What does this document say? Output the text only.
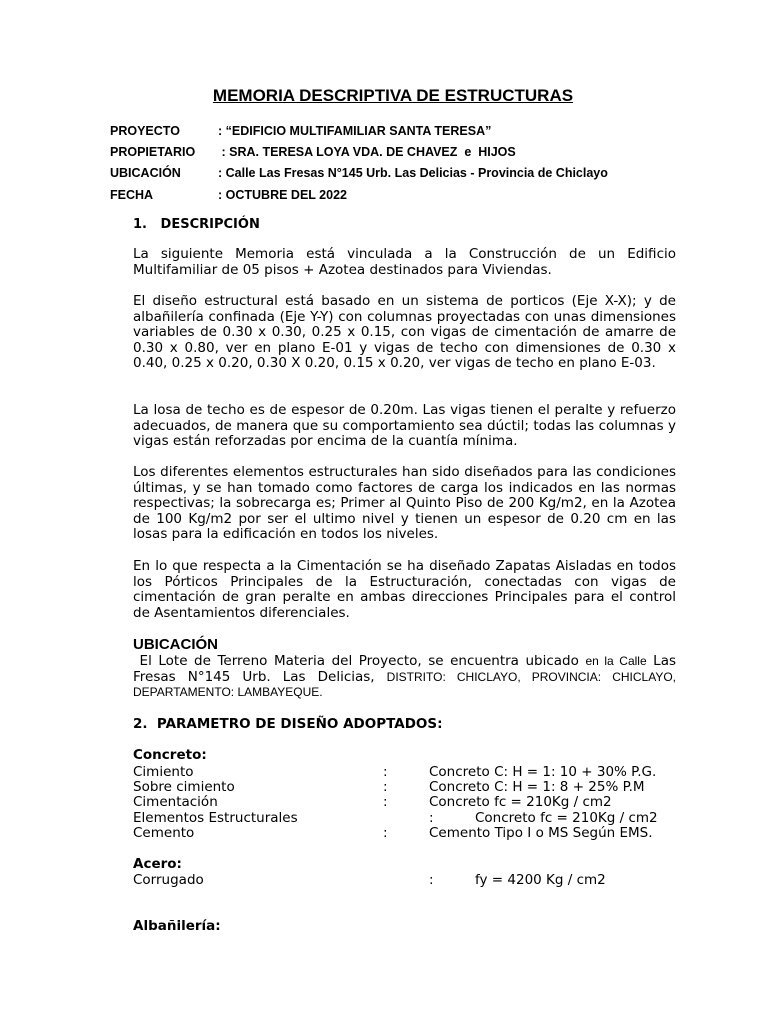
MEMORIA DESCRIPTIVA DE ESTRUCTURAS
PROYECTO	: “EDIFICIO MULTIFAMILIAR SANTA TERESA”
PROPIETARIO : SRA. TERESA LOYA VDA. DE CHAVEZ  e  HIJOS
UBICACIÓN	: Calle Las Fresas N°145 Urb. Las Delicias - Provincia de Chiclayo
FECHA	: OCTUBRE DEL 2022
1.   DESCRIPCIÓN
La siguiente Memoria está vinculada a la Construcción de un Edificio Multifamiliar de 05 pisos + Azotea destinados para Viviendas.
El diseño estructural está basado en un sistema de porticos (Eje X-X); y de albañilería confinada (Eje Y-Y) con columnas proyectadas con unas dimensiones variables de 0.30 x 0.30, 0.25 x 0.15, con vigas de cimentación de amarre de 0.30 x 0.80, ver en plano E-01 y vigas de techo con dimensiones de 0.30 x 0.40, 0.25 x 0.20, 0.30 X 0.20, 0.15 x 0.20, ver vigas de techo en plano E-03.
La losa de techo es de espesor de 0.20m. Las vigas tienen el peralte y refuerzo adecuados, de manera que su comportamiento sea dúctil; todas las columnas y vigas están reforzadas por encima de la cuantía mínima.
Los diferentes elementos estructurales han sido diseñados para las condiciones últimas, y se han tomado como factores de carga los indicados en las normas respectivas; la sobrecarga es; Primer al Quinto Piso de 200 Kg/m2, en la Azotea de 100 Kg/m2 por ser el ultimo nivel y tienen un espesor de 0.20 cm en las losas para la edificación en todos los niveles.
En lo que respecta a la Cimentación se ha diseñado Zapatas Aisladas en todos los Pórticos Principales de la Estructuración, conectadas con vigas de cimentación de gran peralte en ambas direcciones Principales para el control de Asentamientos diferenciales.
UBICACIÓN
El Lote de Terreno Materia del Proyecto, se encuentra ubicado en la Calle Las Fresas N°145 Urb. Las Delicias, DISTRITO: CHICLAYO, PROVINCIA: CHICLAYO, DEPARTAMENTO: LAMBAYEQUE.
2.  PARAMETRO DE DISEÑO ADOPTADOS:
Concreto:
Cimiento	:	Concreto C: H = 1: 10 + 30% P.G.
Sobre cimiento	:	Concreto C: H = 1: 8 + 25% P.M
Cimentación	:	Concreto fc = 210Kg / cm2
Elementos Estructurales	:	Concreto fc = 210Kg / cm2
Cemento	:	Cemento Tipo I o MS Según EMS.
Acero:
Corrugado	:	fy = 4200 Kg / cm2
Albañilería:
